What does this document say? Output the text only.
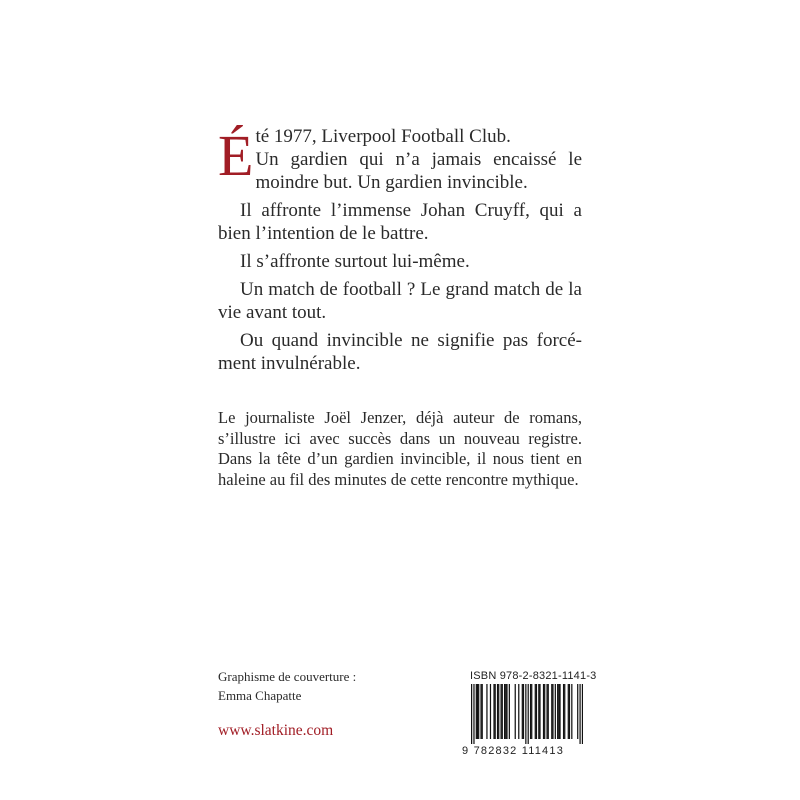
Été 1977, Liverpool Football Club.
Un gardien qui n’a jamais encaissé le moindre but. Un gardien invincible.

Il affronte l’immense Johan Cruyff, qui a bien l’intention de le battre.

Il s’affronte surtout lui-même.

Un match de football ? Le grand match de la vie avant tout.

Ou quand invincible ne signifie pas forcé-ment invulnérable.

Le journaliste Joël Jenzer, déjà auteur de romans, s’illustre ici avec succès dans un nouveau registre. Dans la tête d’un gardien invincible, il nous tient en haleine au fil des minutes de cette rencontre mythique.

Graphisme de couverture :
Emma Chapatte
www.slatkine.com
ISBN 978-2-8321-1141-3
9 782832 111413
